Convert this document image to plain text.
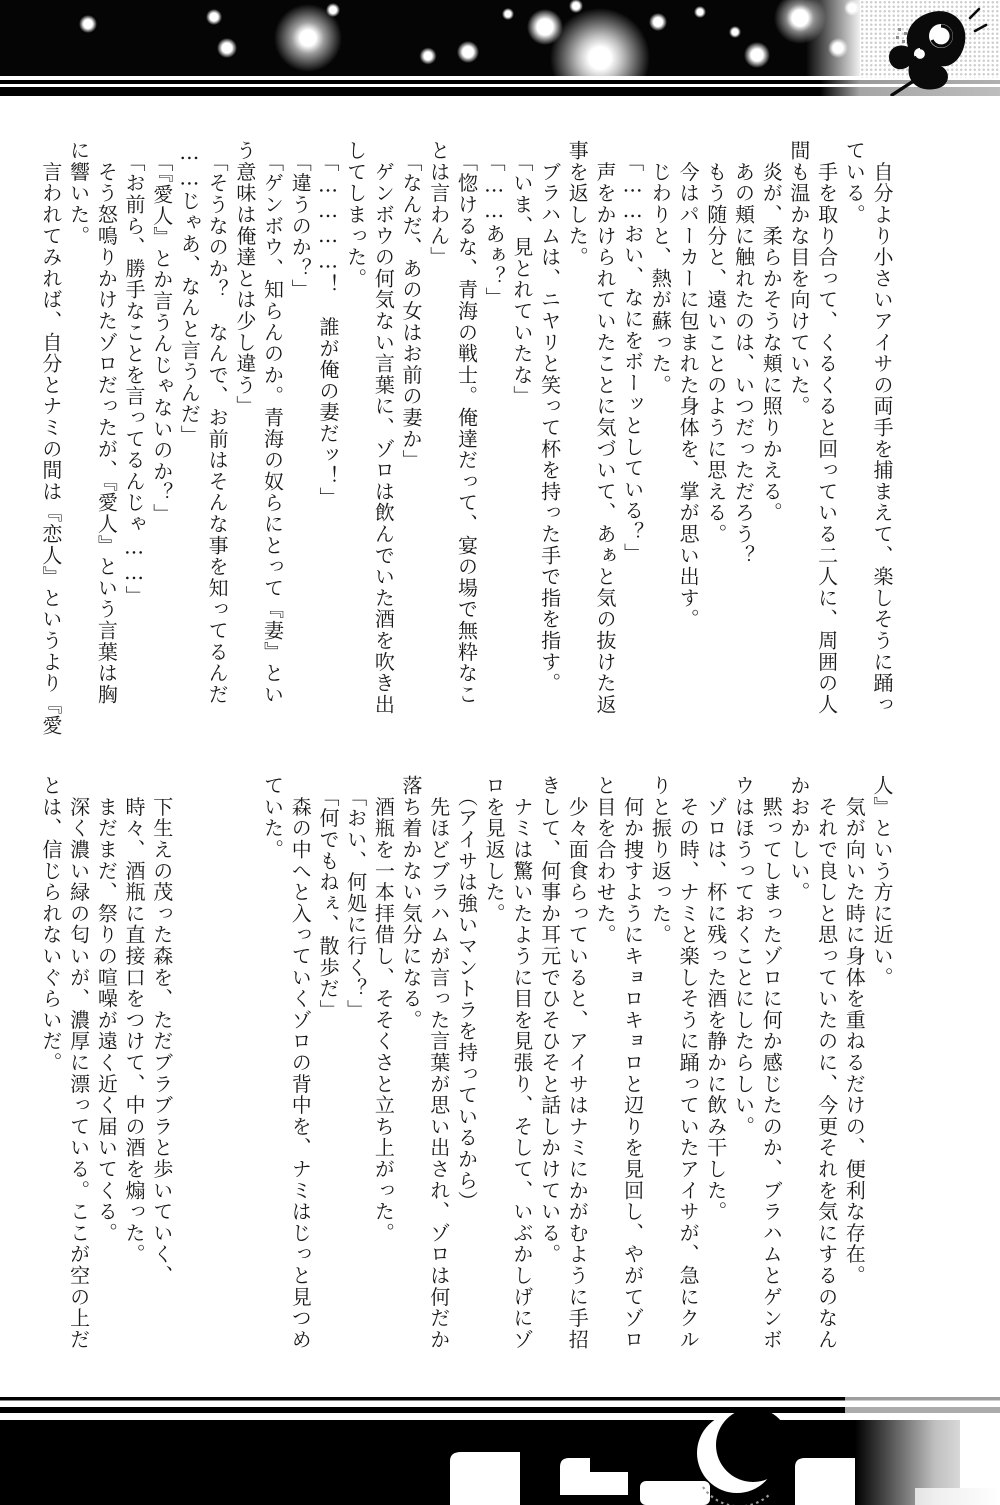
　自分より小さいアイサの両手を捕まえて、楽しそうに踊っ

ている。

　手を取り合って、くるくると回っている二人に、周囲の人

間も温かな目を向けていた。

　炎が、柔らかそうな頬に照りかえる。

　あの頬に触れたのは、いつだっただろう？

　もう随分と、遠いことのように思える。

　今はパーカーに包まれた身体を、掌が思い出す。

　じわりと、熱が蘇った。

　「……おい、なにをボーッとしている？」

　声をかけられていたことに気づいて、あぁと気の抜けた返

事を返した。

　ブラハムは、ニヤリと笑って杯を持った手で指を指す。

　「いま、見とれていたな」

　「……あぁ？」

　「惚けるな、青海の戦士。俺達だって、宴の場で無粋なこ

とは言わん」

　「なんだ、あの女はお前の妻か」

　ゲンボウの何気ない言葉に、ゾロは飲んでいた酒を吹き出

してしまった。

　「…………！　誰が俺の妻だッ！」

　「違うのか？」

　「ゲンボウ、知らんのか。青海の奴らにとって『妻』とい

う意味は俺達とは少し違う」

　「そうなのか？　なんで、お前はそんな事を知ってるんだ

……じゃあ、なんと言うんだ」

　「『愛人』とか言うんじゃないのか？」

　「お前ら、勝手なことを言ってるんじゃ……」

　そう怒鳴りかけたゾロだったが、『愛人』という言葉は胸

に響いた。

　言われてみれば、自分とナミの間は『恋人』というより『愛

人』という方に近い。

　気が向いた時に身体を重ねるだけの、便利な存在。

　それで良しと思っていたのに、今更それを気にするのなん

かおかしい。

　黙ってしまったゾロに何か感じたのか、ブラハムとゲンボ

ウはほうっておくことにしたらしい。

　ゾロは、杯に残った酒を静かに飲み干した。

　その時、ナミと楽しそうに踊っていたアイサが、急にクル

りと振り返った。

　何か捜すようにキョロキョロと辺りを見回し、やがてゾロ

と目を合わせた。

　少々面食らっていると、アイサはナミにかがむように手招

きして、何事か耳元でひそひそと話しかけている。

　ナミは驚いたように目を見張り、そして、いぶかしげにゾ

ロを見返した。

　（アイサは強いマントラを持っているから）

　先ほどブラハムが言った言葉が思い出され、ゾロは何だか

落ち着かない気分になる。

　酒瓶を一本拝借し、そそくさと立ち上がった。

　「おい、何処に行く？」

　「何でもねぇ、散歩だ」

　森の中へと入っていくゾロの背中を、ナミはじっと見つめ

ていた。

　下生えの茂った森を、ただブラブラと歩いていく、

　時々、酒瓶に直接口をつけて、中の酒を煽った。

　まだまだ、祭りの喧噪が遠く近く届いてくる。

　深く濃い緑の匂いが、濃厚に漂っている。ここが空の上だ

とは、信じられないぐらいだ。
